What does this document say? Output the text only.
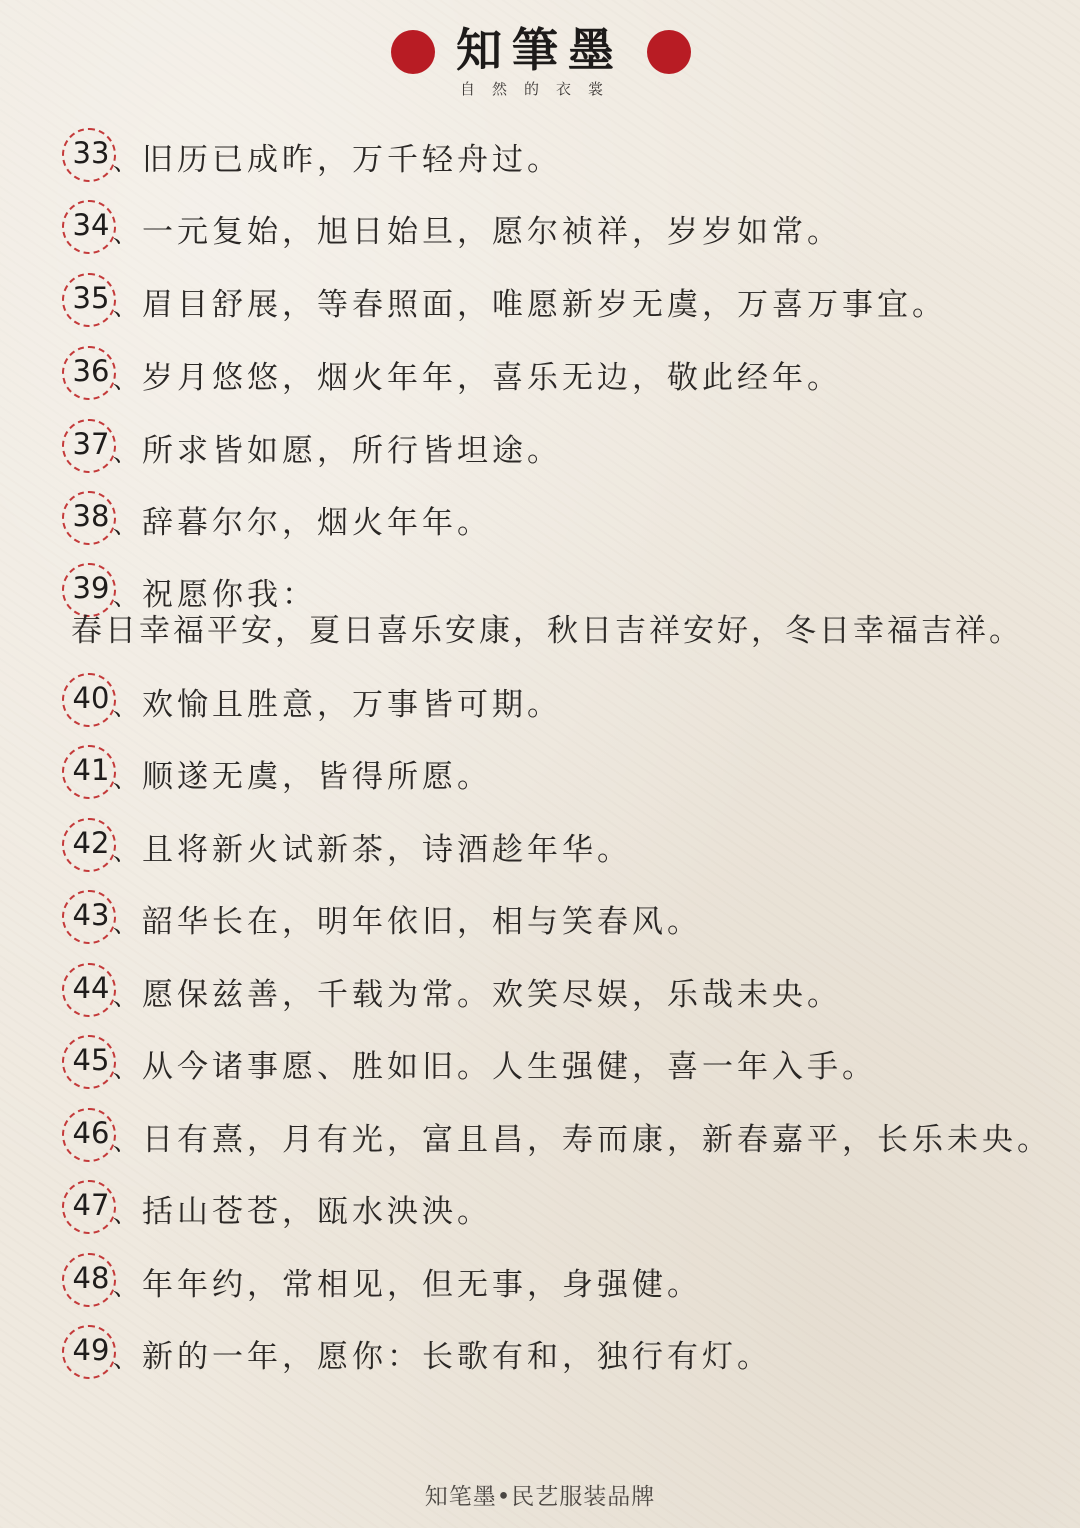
知筆墨
自然的衣裳
33 、 旧历已成昨，万千轻舟过。
34 、 一元复始，旭日始旦，愿尔祯祥，岁岁如常。
35 、 眉目舒展，等春照面，唯愿新岁无虞，万喜万事宜。
36 、 岁月悠悠，烟火年年，喜乐无边，敬此经年。
37 、 所求皆如愿，所行皆坦途。
38 、 辞暮尔尔，烟火年年。
39 、 祝愿你我：
春日幸福平安，夏日喜乐安康，秋日吉祥安好，冬日幸福吉祥。
40 、 欢愉且胜意，万事皆可期。
41 、 顺遂无虞，皆得所愿。
42 、 且将新火试新茶，诗酒趁年华。
43 、 韶华长在，明年依旧，相与笑春风。
44 、 愿保兹善，千载为常。欢笑尽娱，乐哉未央。
45 、 从今诸事愿、胜如旧。人生强健，喜一年入手。
46 、 日有熹，月有光，富且昌，寿而康，新春嘉平，长乐未央。
47 、 括山苍苍，瓯水泱泱。
48 、 年年约，常相见，但无事，身强健。
49 、 新的一年，愿你：长歌有和，独行有灯。
知笔墨•民艺服装品牌
